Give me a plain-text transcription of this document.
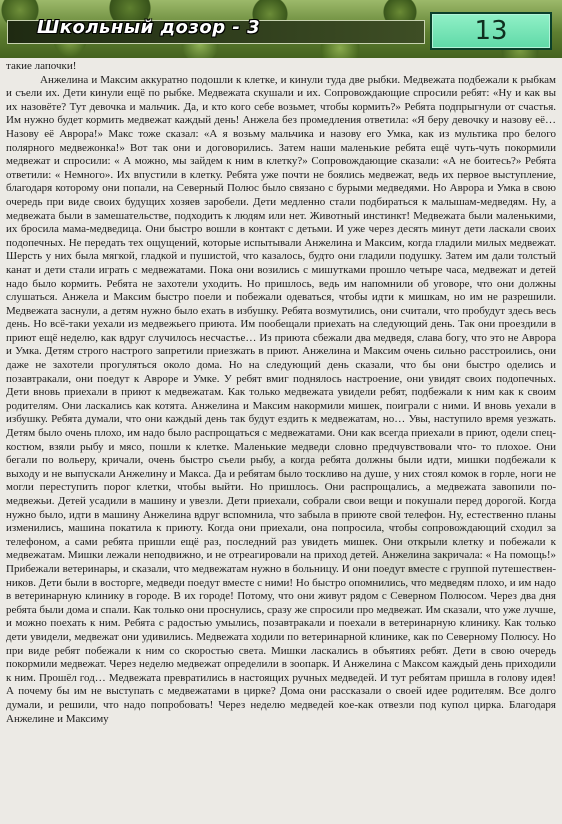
Школьный дозор - 3	13

такие лапочки!

Анжелина и Максим аккуратно подошли к клетке, и кинули туда две рыбки. Медвежата подбежали к рыбкам и съели их. Дети кинули ещё по рыбке. Медвежата скушали и их. Сопровождающие спросили ребят: «Ну и как вы их назовёте? Тут девочка и мальчик. Да, и кто кого себе возьмет, чтобы кормить?» Ребята подпрыгнули от счастья. Им нужно будет кормить медвежат каждый день! Анжела без промедления ответила: «Я беру девочку и назову её… Назову её Аврора!» Макс тоже сказал: «А я возьму мальчика и назову его Умка, как из мультика про белого полярного медвежонка!» Вот так они и договорились. Затем наши маленькие ребята ещё чуть-чуть покормили медвежат и спросили: « А можно, мы зайдем к ним в клетку?» Сопровождающие сказали: «А не боитесь?» Ребята ответили: « Немного». Их впустили в клетку. Ребята уже почти не боялись медвежат, ведь их первое выступление, благодаря которому они попали, на Северный Полюс было связано с бурыми медведями. Но Аврора и Умка в свою очередь при виде своих будущих хозяев заробели. Дети медленно стали подбираться к малышам-медведям. Ну, а медвежата были в замешательстве, подходить к людям или нет. Животный инстинкт! Медвежата были маленькими, их бросила мама-медведица. Они быстро вошли в контакт с детьми. И уже через десять минут дети ласкали своих подопечных. Не передать тех ощущений, которые испытывали Анжелина и Максим, когда гладили милых медвежат. Шерсть у них была мягкой, гладкой и пушистой, что казалось, будто они гладили подушку. Затем им дали толстый канат и дети стали играть с медвежатами. Пока они возились с мишутками прошло четыре часа, медвежат и детей надо было кормить. Ребята не захотели уходить. Но пришлось, ведь им напомнили об уговоре, что они должны слушаться. Анжела и Максим быстро поели и побежали одеваться, чтобы идти к мишкам, но им не разрешили. Медвежата заснули, а детям нужно было ехать в избушку. Ребята возмутились, они считали, что пробудут здесь весь день. Но всё-таки уехали из медвежьего приюта. Им пообещали приехать на следующий день. Так они проездили в приют ещё неделю, как вдруг случилось несчастье… Из приюта сбежали два медведя, слава богу, что это не Аврора и Умка. Детям строго настрого запретили приезжать в приют. Анжелина и Максим очень сильно расстроились, они даже не захотели прогуляться около дома. Но на следующий день сказали, что бы они быстро оделись и позавтракали, они поедут к Авроре и Умке. У ребят вмиг поднялось настроение, они увидят своих подопечных. Дети вновь приехали в приют к медвежатам. Как только медвежата увидели ребят, подбежали к ним как к своим родителям. Они ласкались как котята. Анжелина и Максим накормили мишек, поиграли с ними. И вновь уехали в избушку. Ребята думали, что они каждый день так будут ездить к медвежатам, но… Увы, наступило время уезжать. Детям было очень плохо, им надо было распрощаться с медвежатами. Они как всегда приехали в приют, одели спец-костюм, взяли рыбу и мясо, пошли к клетке. Маленькие медведи словно предчувствовали что- то плохое. Они бегали по вольеру, кричали, очень быстро съели рыбу, а когда ребята должны были идти, мишки подбежали к выходу и не выпускали Анжелину и Макса. Да и ребятам было тоскливо на душе, у них стоял комок в горле, ноги не могли переступить порог клетки, чтобы выйти. Но пришлось. Они распрощались, а медвежата завопили по-медвежьи. Детей усадили в машину и увезли. Дети приехали, собрали свои вещи и покушали перед дорогой. Когда нужно было, идти в машину Анжелина вдруг вспомнила, что забыла в приюте свой телефон. Ну, естественно планы изменились, машина покатила к приюту. Когда они приехали, она попросила, чтобы сопровождающий сходил за телефоном, а сами ребята пришли ещё раз, последний раз увидеть мишек. Они открыли клетку и побежали к медвежатам. Мишки лежали неподвижно, и не отреагировали на приход детей. Анжелина закричала: « На помощь!» Прибежали ветеринары, и сказали, что медвежатам нужно в больницу. И они поедут вместе с группой путешественников. Дети были в восторге, медведи поедут вместе с ними! Но быстро опомнились, что медведям плохо, и им надо в ветеринарную клинику в городе. В их городе! Потому, что они живут рядом с Северном Полюсом. Через два дня ребята были дома и спали. Как только они проснулись, сразу же спросили про медвежат. Им сказали, что уже лучше, и можно поехать к ним. Ребята с радостью умылись, позавтракали и поехали в ветеринарную клинику. Как только дети увидели, медвежат они удивились. Медвежата ходили по ветеринарной клинике, как по Северному Полюсу. Но при виде ребят побежали к ним со скоростью света. Мишки ласкались в объятиях ребят. Дети в свою очередь покормили медвежат. Через неделю медвежат определили в зоопарк. И Анжелина с Максом каждый день приходили к ним. Прошёл год… Медвежата превратились в настоящих ручных медведей. И тут ребятам пришла в голову идея! А почему бы им не выступать с медвежатами в цирке? Дома они рассказали о своей идее родителям. Все долго думали, и решили, что надо попробовать! Через неделю медведей кое-как отвезли под купол цирка. Благодаря Анжелине и Максиму
